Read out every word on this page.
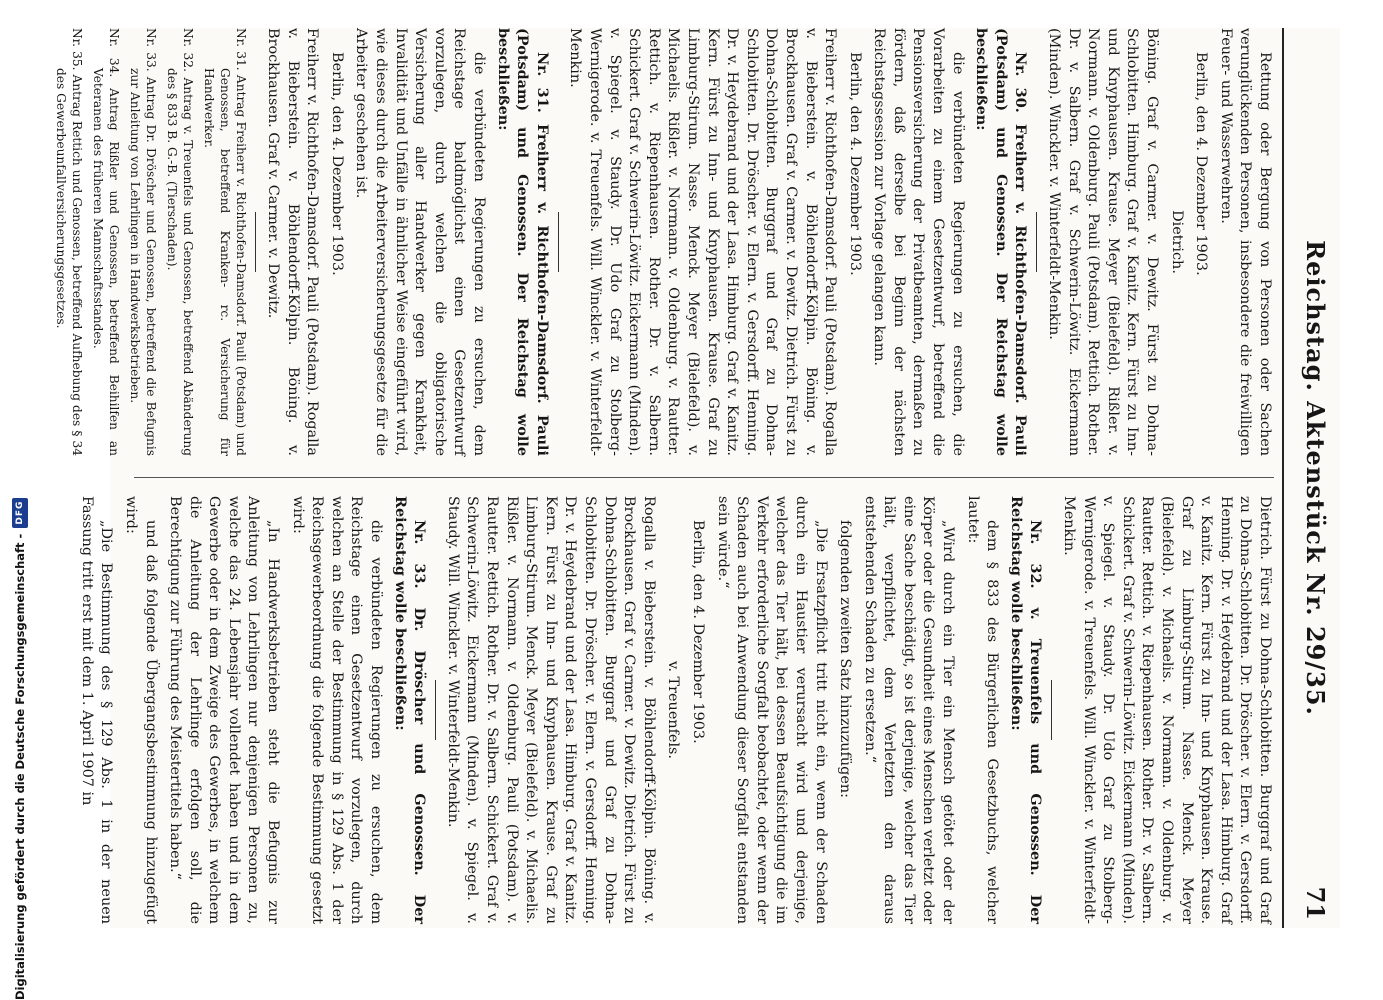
Reichstag. Aktenstück Nr. 29/35.
71
Rettung oder Bergung von Personen oder Sachen verunglückenden Personen, insbesondere die freiwilligen Feuer- und Wasserwehren.
Berlin, den 4. Dezember 1903.
Dietrich.
Böning. Graf v. Carmer. v. Dewitz. Fürst zu Dohna-Schlobitten. Himburg. Graf v. Kanitz. Kern. Fürst zu Inn- und Knyphausen. Krause. Meyer (Bielefeld). Rißler. v. Normann. v. Oldenburg. Pauli (Potsdam). Rettich. Rother. Dr. v. Salbern. Graf v. Schwerin-Löwitz. Eickermann (Minden). Winckler. v. Winterfeldt-Menkin.
Nr. 30. Freiherr v. Richthofen-Damsdorf. Pauli (Potsdam) und Genossen. Der Reichstag wolle beschließen:
die verbündeten Regierungen zu ersuchen, die Vorarbeiten zu einem Gesetzentwurf, betreffend die Pensionsversicherung der Privatbeamten, dermaßen zu fördern, daß derselbe bei Beginn der nächsten Reichstagssession zur Vorlage gelangen kann.
Berlin, den 4. Dezember 1903.
Freiherr v. Richthofen-Damsdorf. Pauli (Potsdam). Rogalla v. Bieberstein. v. Böhlendorff-Kölpin. Böning. v. Brockhausen. Graf v. Carmer. v. Dewitz. Dietrich. Fürst zu Dohna-Schlobitten. Burggraf und Graf zu Dohna-Schlobitten. Dr. Dröscher. v. Elern. v. Gersdorff. Henning. Dr. v. Heydebrand und der Lasa. Himburg. Graf v. Kanitz. Kern. Fürst zu Inn- und Knyphausen. Krause. Graf zu Limburg-Stirum. Nasse. Menck. Meyer (Bielefeld). v. Michaelis. Rißler. v. Normann. v. Oldenburg. v. Rautter. Rettich. v. Riepenhausen. Rother. Dr. v. Salbern. Schickert. Graf v. Schwerin-Löwitz. Eickermann (Minden). v. Spiegel. v. Staudy. Dr. Udo Graf zu Stolberg-Wernigerode. v. Treuenfels. Will. Winckler. v. Winterfeldt-Menkin.
Nr. 31. Freiherr v. Richthofen-Damsdorf. Pauli (Potsdam) und Genossen. Der Reichstag wolle beschließen:
die verbündeten Regierungen zu ersuchen, dem Reichstage baldmöglichst einen Gesetzentwurf vorzulegen, durch welchen die obligatorische Versicherung aller Handwerker gegen Krankheit, Invalidität und Unfälle in ähnlicher Weise eingeführt wird, wie dieses durch die Arbeiterversicherungsgesetze für die Arbeiter geschehen ist.
Berlin, den 4. Dezember 1903.
Freiherr v. Richthofen-Damsdorf. Pauli (Potsdam). Rogalla v. Bieberstein. v. Böhlendorff-Kölpin. Böning. v. Brockhausen. Graf v. Carmer. v. Dewitz.
Nr. 31. Antrag Freiherr v. Richthofen-Damsdorf. Pauli (Potsdam) und Genossen, betreffend Kranken- rc. Versicherung für Handwerker.
Nr. 32. Antrag v. Treuenfels und Genossen, betreffend Abänderung des § 833 B. G.-B. (Tierschaden).
Nr. 33. Antrag Dr. Dröscher und Genossen, betreffend die Befugnis zur Anleitung von Lehrlingen in Handwerksbetrieben.
Nr. 34. Antrag Rißler und Genossen, betreffend Beihilfen an Veteranen des früheren Mannschaftsstandes.
Nr. 35. Antrag Rettich und Genossen, betreffend Aufhebung des § 34 des Gewerbeunfallversicherungsgesetzes.
Dietrich. Fürst zu Dohna-Schlobitten. Burggraf und Graf zu Dohna-Schlobitten. Dr. Dröscher. v. Elern. v. Gersdorff. Henning. Dr. v. Heydebrand und der Lasa. Himburg. Graf v. Kanitz. Kern. Fürst zu Inn- und Knyphausen. Krause. Graf zu Limburg-Stirum. Nasse. Menck. Meyer (Bielefeld). v. Michaelis. v. Normann. v. Oldenburg. v. Rautter. Rettich. v. Riepenhausen. Rother. Dr. v. Salbern. Schickert. Graf v. Schwerin-Löwitz. Eickermann (Minden). v. Spiegel. v. Staudy. Dr. Udo Graf zu Stolberg-Wernigerode. v. Treuenfels. Will. Winckler. v. Winterfeldt-Menkin.
Nr. 32. v. Treuenfels und Genossen. Der Reichstag wolle beschließen:
dem § 833 des Bürgerlichen Gesetzbuchs, welcher lautet:
„Wird durch ein Tier ein Mensch getötet oder der Körper oder die Gesundheit eines Menschen verletzt oder eine Sache beschädigt, so ist derjenige, welcher das Tier hält, verpflichtet, dem Verletzten den daraus entstehenden Schaden zu ersetzen.“
folgenden zweiten Satz hinzuzufügen:
„Die Ersatzpflicht tritt nicht ein, wenn der Schaden durch ein Haustier verursacht wird und derjenige, welcher das Tier hält, bei dessen Beaufsichtigung die im Verkehr erforderliche Sorgfalt beobachtet, oder wenn der Schaden auch bei Anwendung dieser Sorgfalt entstanden sein würde.“
Berlin, den 4. Dezember 1903.
v. Treuenfels.
Rogalla v. Bieberstein. v. Böhlendorff-Kölpin. Böning. v. Brockhausen. Graf v. Carmer. v. Dewitz. Dietrich. Fürst zu Dohna-Schlobitten. Burggraf und Graf zu Dohna-Schlobitten. Dr. Dröscher. v. Elern. v. Gersdorff. Henning. Dr. v. Heydebrand und der Lasa. Himburg. Graf v. Kanitz. Kern. Fürst zu Inn- und Knyphausen. Krause. Graf zu Limburg-Stirum. Menck. Meyer (Bielefeld). v. Michaelis. Rißler. v. Normann. v. Oldenburg. Pauli (Potsdam). v. Rautter. Rettich. Rother. Dr. v. Salbern. Schickert. Graf v. Schwerin-Löwitz. Eickermann (Minden). v. Spiegel. v. Staudy. Will. Winckler. v. Winterfeldt-Menkin.
Nr. 33. Dr. Dröscher und Genossen. Der Reichstag wolle beschließen:
die verbündeten Regierungen zu ersuchen, dem Reichstage einen Gesetzentwurf vorzulegen, durch welchen an Stelle der Bestimmung in § 129 Abs. 1 der Reichsgewerbeordnung die folgende Bestimmung gesetzt wird:
„In Handwerksbetrieben steht die Befugnis zur Anleitung von Lehrlingen nur denjenigen Personen zu, welche das 24. Lebensjahr vollendet haben und in dem Gewerbe oder in dem Zweige des Gewerbes, in welchem die Anleitung der Lehrlinge erfolgen soll, die Berechtigung zur Führung des Meistertitels haben.“
und daß folgende Übergangsbestimmung hinzugefügt wird:
„Die Bestimmung des § 129 Abs. 1 in der neuen Fassung tritt erst mit dem 1. April 1907 in
Digitalisierung gefördert durch die Deutsche Forschungsgemeinschaft -
DFG
